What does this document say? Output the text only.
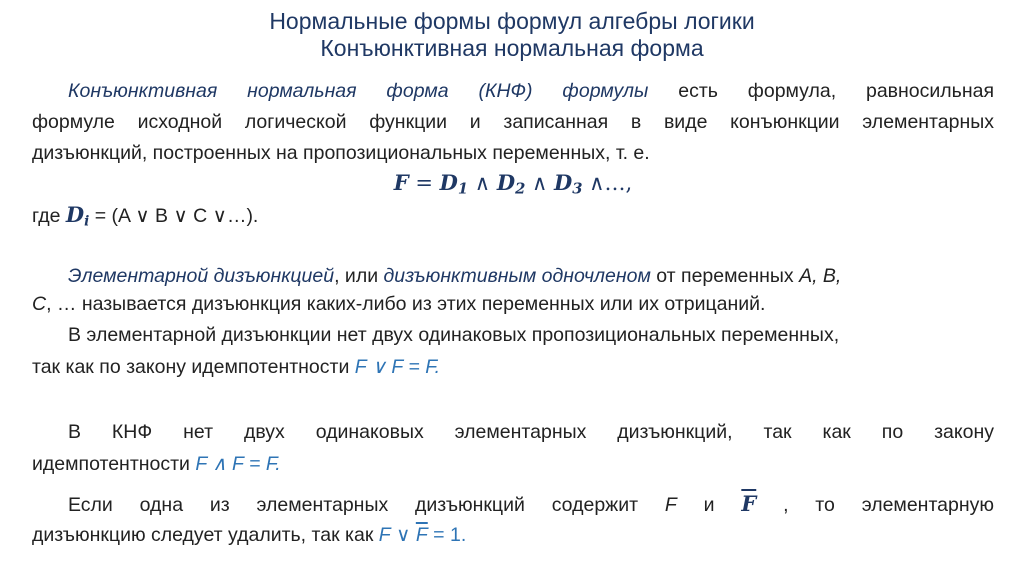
Нормальные формы формул алгебры логики
Конъюнктивная нормальная форма
Конъюнктивная нормальная форма (КНФ) формулы есть формула, равносильная
формуле исходной логической функции и записанная в виде конъюнкции элементарных
дизъюнкций, построенных на пропозициональных переменных, т. е.
$F = D_1$ ∧ $D_2$ ∧ $D_3$ ∧…,
где $D_i = (A$ ∨ B ∨ C ∨…).
Элементарной дизъюнкцией, или дизъюнктивным одночленом от переменных A, B,
C, … называется дизъюнкция каких-либо из этих переменных или их отрицаний.
В элементарной дизъюнкции нет двух одинаковых пропозициональных переменных,
так как по закону идемпотентности F ∨ F = F.
В КНФ нет двух одинаковых элементарных дизъюнкций, так как по закону
идемпотентности F ∧ F = F.
Если одна из элементарных дизъюнкций содержит F и $\overline{F}$ , то элементарную
дизъюнкцию следует удалить, так как F ∨ $\overline{F} = 1$.
